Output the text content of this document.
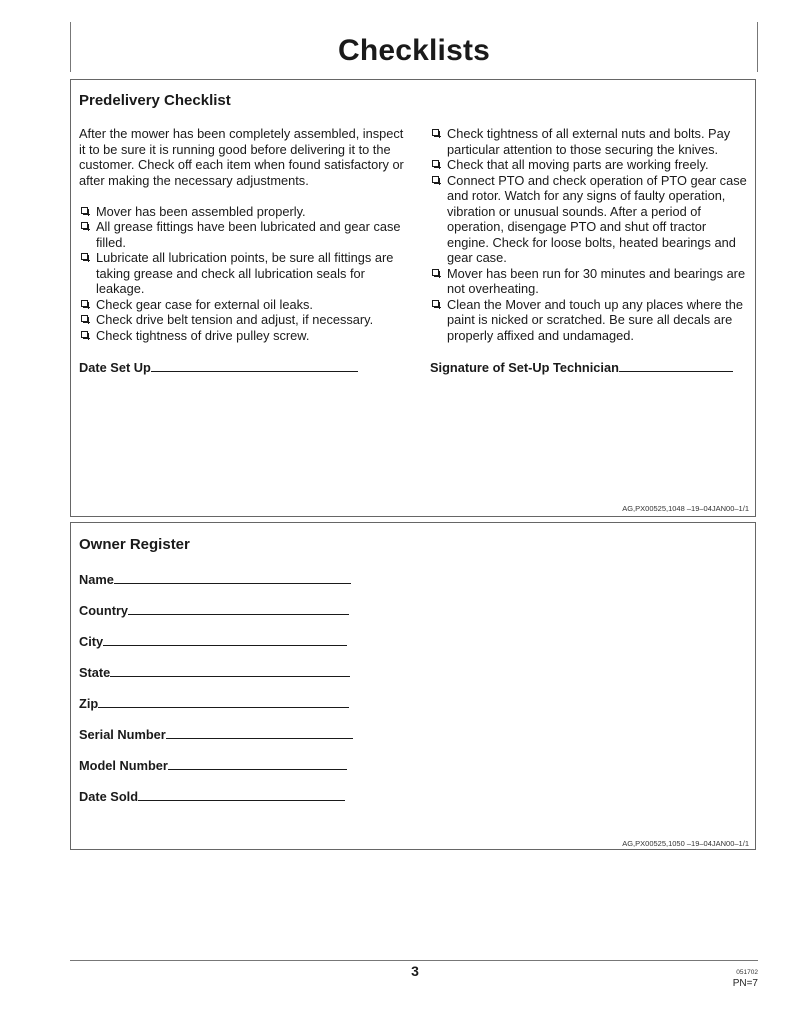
Checklists
Predelivery Checklist

After the mower has been completely assembled, inspect it to be sure it is running good before delivering it to the customer. Check off each item when found satisfactory or after making the necessary adjustments.

Mover has been assembled properly.
All grease fittings have been lubricated and gear case filled.
Lubricate all lubrication points, be sure all fittings are taking grease and check all lubrication seals for leakage.
Check gear case for external oil leaks.
Check drive belt tension and adjust, if necessary.
Check tightness of drive pulley screw.
Check tightness of all external nuts and bolts. Pay particular attention to those securing the knives.
Check that all moving parts are working freely.
Connect PTO and check operation of PTO gear case and rotor. Watch for any signs of faulty operation, vibration or unusual sounds. After a period of operation, disengage PTO and shut off tractor engine. Check for loose bolts, heated bearings and gear case.
Mover has been run for 30 minutes and bearings are not overheating.
Clean the Mover and touch up any places where the paint is nicked or scratched. Be sure all decals are properly affixed and undamaged.
Date Set Up	Signature of Set-Up Technician
AG,PX00525,1048 –19–04JAN00–1/1
Owner Register
Name
Country
City
State
Zip
Serial Number
Model Number
Date Sold
AG,PX00525,1050 –19–04JAN00–1/1
3	051702
PN=7
